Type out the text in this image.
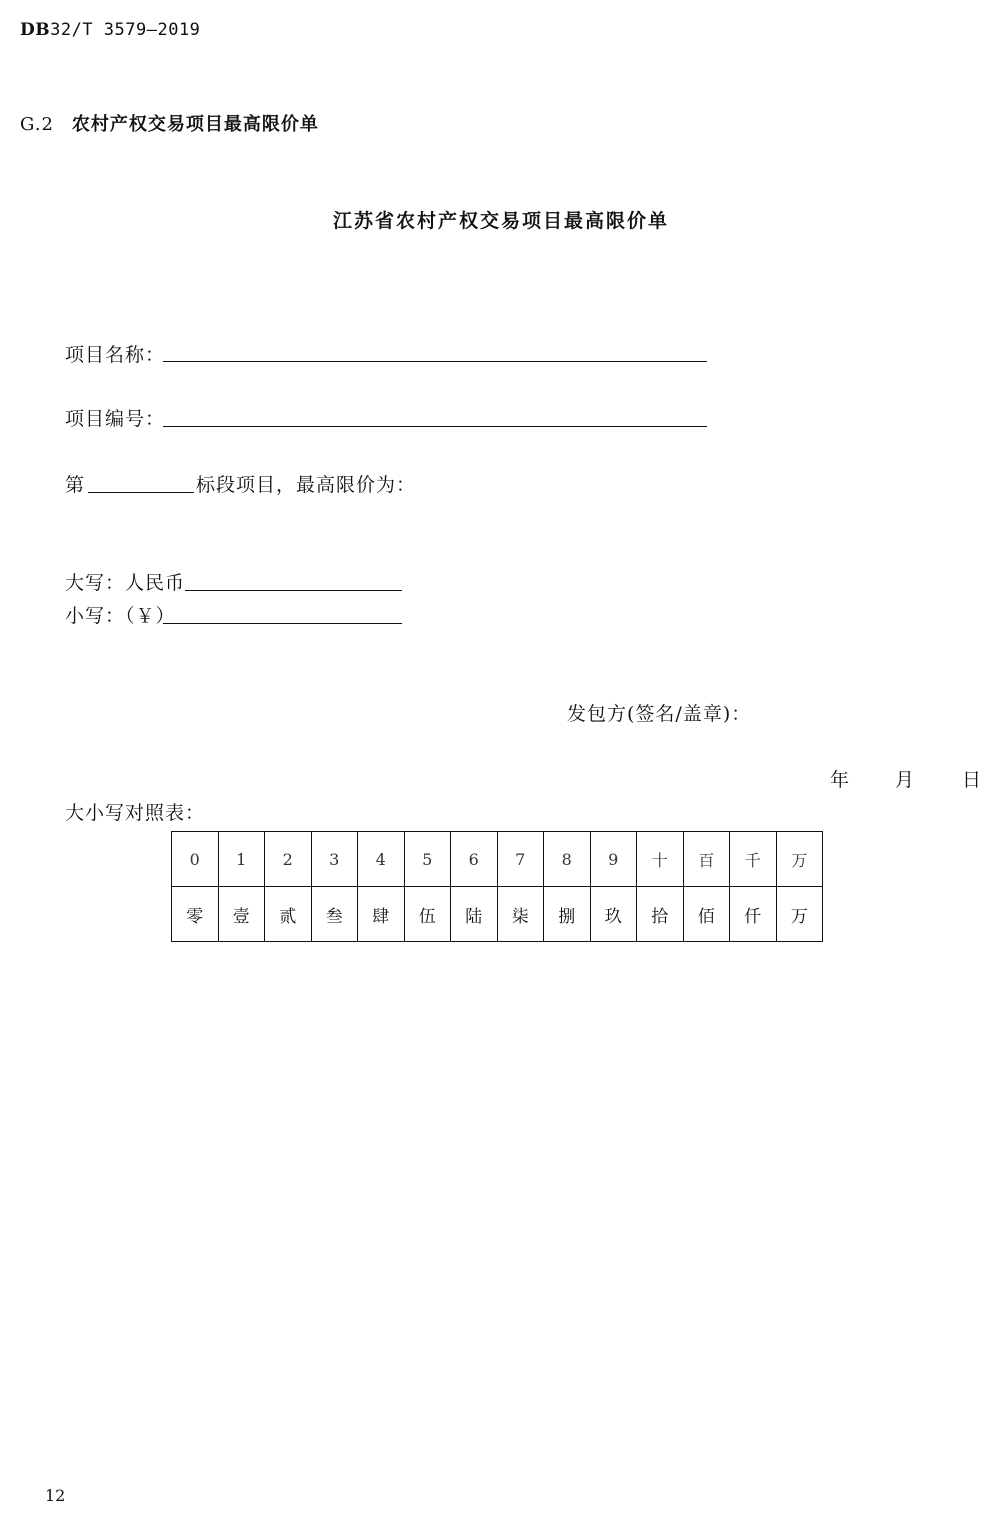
DB32/T 3579—2019
G.2 农村产权交易项目最高限价单
江苏省农村产权交易项目最高限价单
项目名称：
项目编号：
第	标段项目，最高限价为：
大写：人民币
小写：（￥）
发包方(签名/盖章)：
年 月 日
大小写对照表：
0	1	2	3	4	5	6	7	8	9	十	百	千	万
零	壹	贰	叁	肆	伍	陆	柒	捌	玖	拾	佰	仟	万
12
